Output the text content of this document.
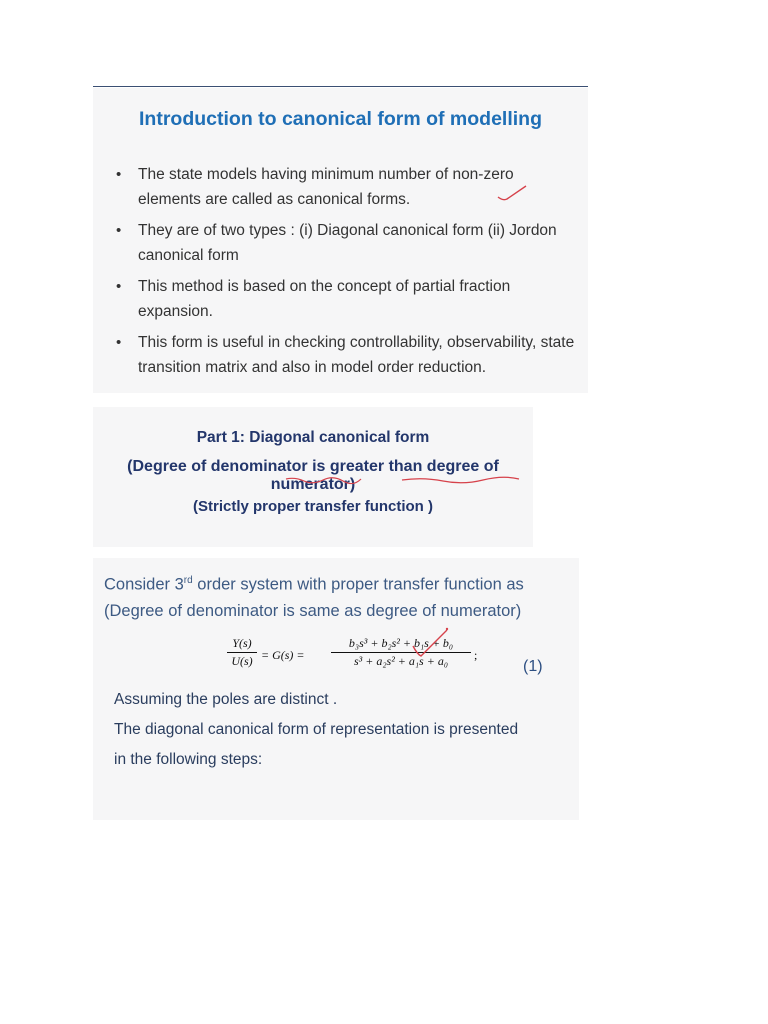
Introduction to canonical form of modelling
• The state models having minimum number of non-zero elements are called as canonical forms.
• They are of two types : (i) Diagonal canonical form (ii) Jordon canonical form
• This method is based on the concept of partial fraction expansion.
• This form is useful in checking controllability, observability, state transition matrix and also in model order reduction.
Part 1: Diagonal canonical form
(Degree of denominator is greater than degree of numerator)
(Strictly proper transfer function )
Consider 3rd order system with proper transfer function as (Degree of denominator is same as degree of numerator)
Y(s)
U(s) = G(s) =
b₃s³ + b₂s² + b₁s + b₀
s³ + a₂s² + a₁s + a₀	;
(1)
Assuming the poles are distinct .
The diagonal canonical form of representation is presented
in the following steps:
